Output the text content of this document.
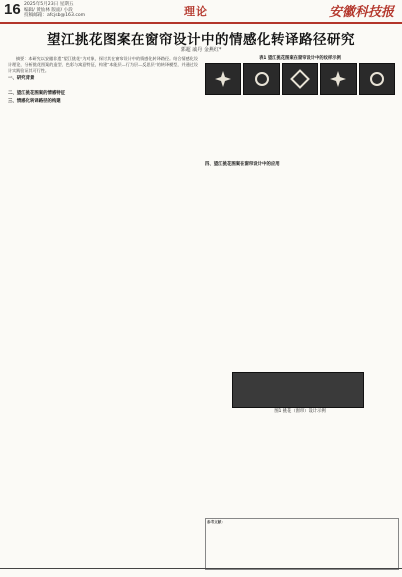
16 2025年5月23日 星期五
编辑/ 黄仙林 版面/ 小段
投稿邮箱：afcjsb@163.com	理论	安徽科技报
望江挑花图案在窗帘设计中的情感化转译路径研究
郭超 戚丹 金燕红*

摘要：本研究以安徽非遗“望江挑花”为对象，探讨其在窗帘设计中的情感化转译路径。结合情感化设计理论，分析挑花图案的造型、色彩与寓意特征，构建“本能层—行为层—反思层”的转译模型，并通过设计实践验证其可行性。

一、研究背景

二、望江挑花图案的情感特征
三、情感化转译路径的构建
表1 望江挑花图案在窗帘设计中的纹样示例
四、望江挑花图案在窗帘设计中的应用
图1 挑花（窗帘）设计示例
参考文献：
